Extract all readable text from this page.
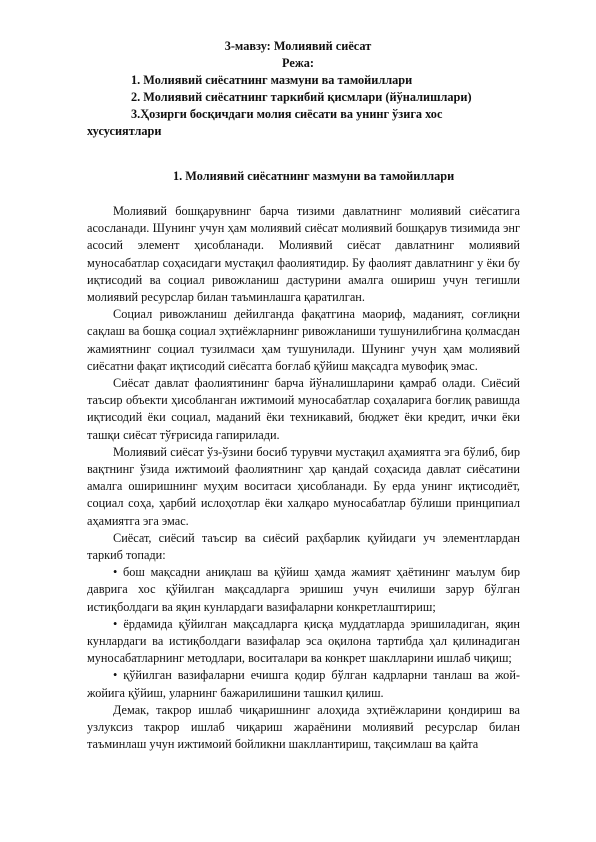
3-мавзу: Молиявий сиёсат
Режа:
1. Молиявий сиёсатнинг мазмуни ва тамойиллари
2. Молиявий сиёсатнинг таркибий қисмлари (йўналишлари)
3.Ҳозирги босқичдаги молия сиёсати ва унинг ўзига хос
хусусиятлари
1. Молиявий сиёсатнинг мазмуни ва тамойиллари

Молиявий бошқарувнинг барча тизими давлатнинг молиявий сиёсатига асосланади. Шунинг учун ҳам молиявий сиёсат молиявий бошқарув тизимида энг асосий элемент ҳисобланади. Молиявий сиёсат давлатнинг молиявий муносабатлар соҳасидаги мустақил фаолиятидир. Бу фаолият давлатнинг у ёки бу иқтисодий ва социал ривожланиш дастурини амалга ошириш учун тегишли молиявий ресурслар билан таъминлашга қаратилган.

Социал ривожланиш дейилганда фақатгина маориф, маданият, соғлиқни сақлаш ва бошқа социал эҳтиёжларнинг ривожланиши тушунилибгина қолмасдан жамиятнинг социал тузилмаси ҳам тушунилади. Шунинг учун ҳам молиявий сиёсатни фақат иқтисодий сиёсатга боғлаб қўйиш мақсадга мувофиқ эмас.

Сиёсат давлат фаолиятининг барча йўналишларини қамраб олади. Сиёсий таъсир объекти ҳисобланган ижтимоий муносабатлар соҳаларига боғлиқ равишда иқтисодий ёки социал, маданий ёки техникавий, бюджет ёки кредит, ички ёки ташқи сиёсат тўғрисида гапирилади.

Молиявий сиёсат ўз-ўзини босиб турувчи мустақил аҳамиятга эга бўлиб, бир вақтнинг ўзида ижтимоий фаолиятнинг ҳар қандай соҳасида давлат сиёсатини амалга оширишнинг муҳим воситаси ҳисобланади. Бу ерда унинг иқтисодиёт, социал соҳа, ҳарбий ислоҳотлар ёки халқаро муносабатлар бўлиши принципиал аҳамиятга эга эмас.

Сиёсат, сиёсий таъсир ва сиёсий раҳбарлик қуйидаги уч элементлардан таркиб топади:

• бош мақсадни аниқлаш ва қўйиш ҳамда жамият ҳаётининг маълум бир даврига хос қўйилган мақсадларга эришиш учун ечилиши зарур бўлган истиқболдаги ва яқин кунлардаги вазифаларни конкретлаштириш;

• ёрдамида қўйилган мақсадларга қисқа муддатларда эришиладиган, яқин кунлардаги ва истиқболдаги вазифалар эса оқилона тартибда ҳал қилинадиган муносабатларнинг методлари, воситалари ва конкрет шаклларини ишлаб чиқиш;

• қўйилган вазифаларни ечишга қодир бўлган кадрларни танлаш ва жой-жойига қўйиш, уларнинг бажарилишини ташкил қилиш.

Демак, такрор ишлаб чиқаришнинг алоҳида эҳтиёжларини қондириш ва узлуксиз такрор ишлаб чиқариш жараёнини молиявий ресурслар билан таъминлаш учун ижтимоий бойликни шакллантириш, тақсимлаш ва қайта
